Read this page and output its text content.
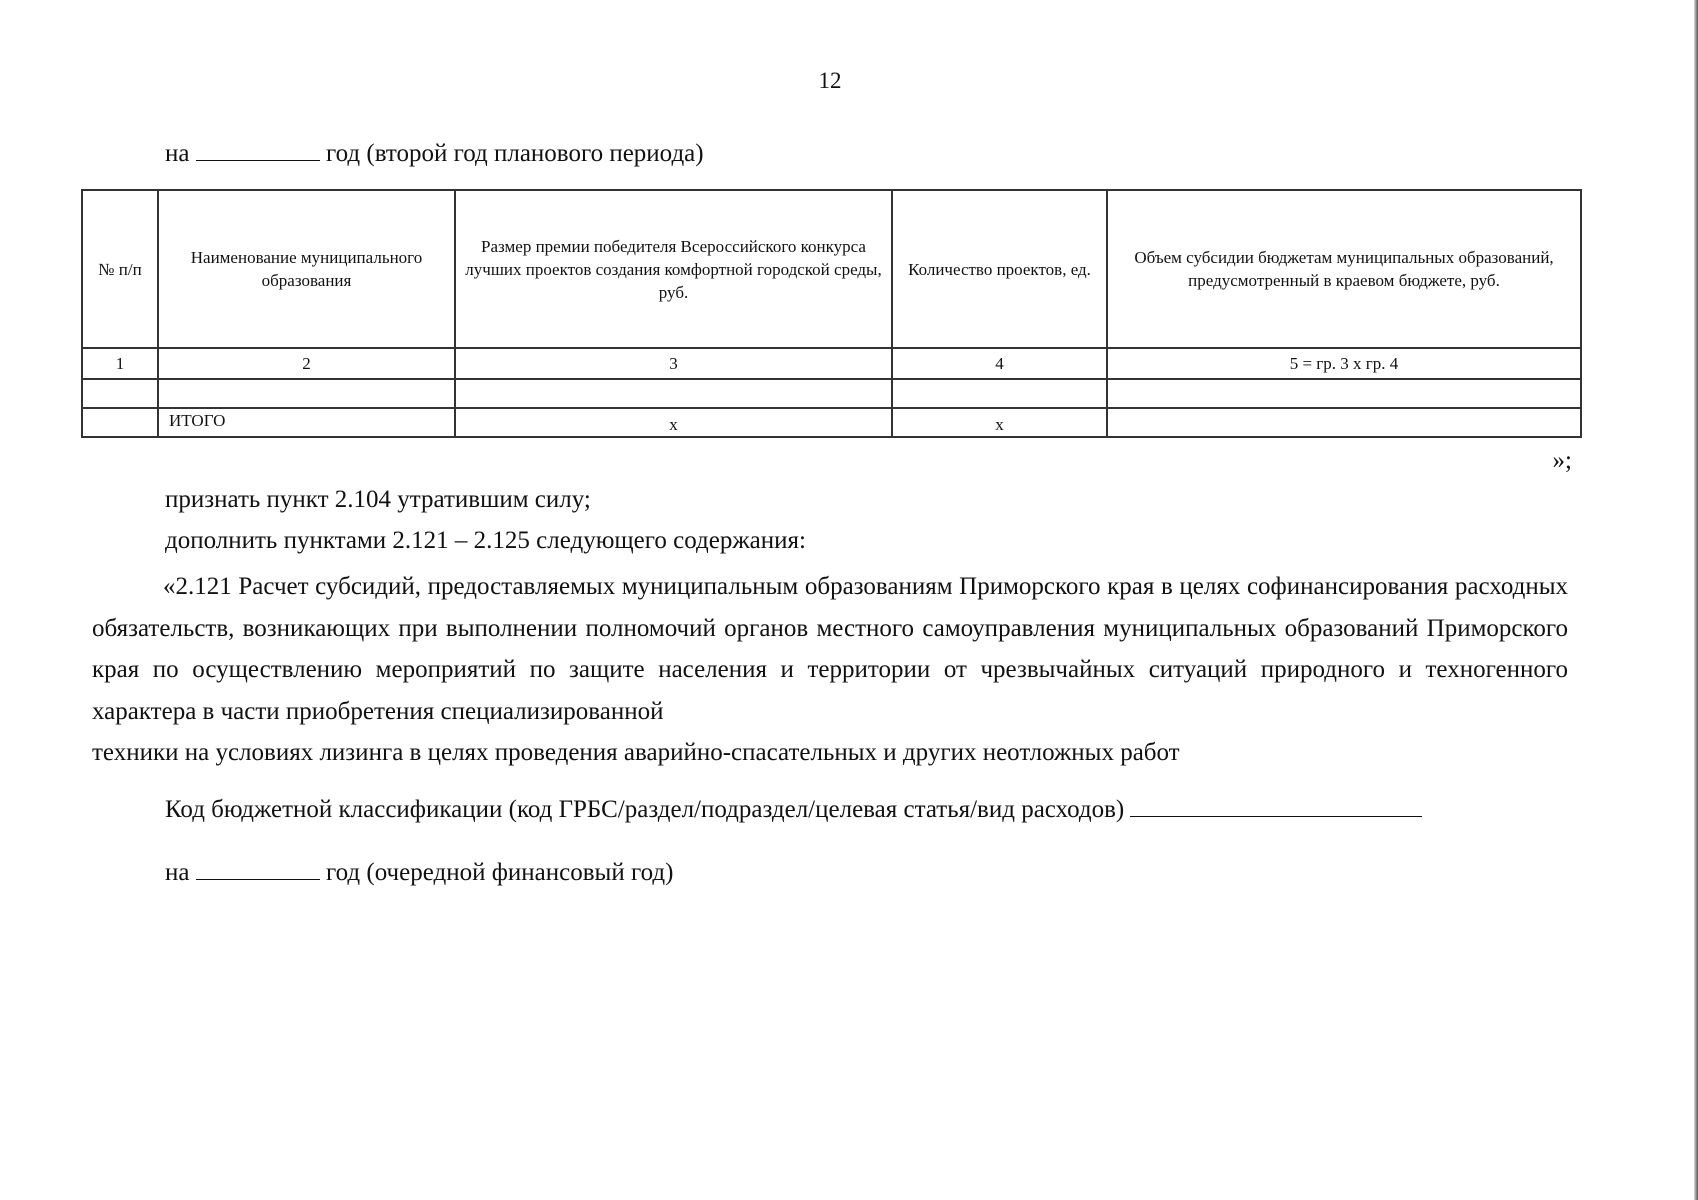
12
на	год (второй год планового периода)
№ п/п	Наименование муниципального образования	Размер премии победителя Всероссийского конкурса лучших проектов создания комфортной городской среды, руб.	Количество проектов, ед.	Объем субсидии бюджетам муниципальных образований, предусмотренный в краевом бюджете, руб.
1	2	3	4	5 = гр. 3 х гр. 4

	ИТОГО	х	х	
»;
признать пункт 2.104 утратившим силу;
дополнить пунктами 2.121 – 2.125 следующего содержания:
«2.121 Расчет субсидий, предоставляемых муниципальным образованиям Приморского края в целях софинансирования расходных обязательств, возникающих при выполнении полномочий органов местного самоуправления муниципальных образований Приморского края по осуществлению мероприятий по защите населения и территории от чрезвычайных ситуаций природного и техногенного характера в части приобретения специализированной
техники на условиях лизинга в целях проведения аварийно-спасательных и других неотложных работ
Код бюджетной классификации (код ГРБС/раздел/подраздел/целевая статья/вид расходов)
на	год (очередной финансовый год)
